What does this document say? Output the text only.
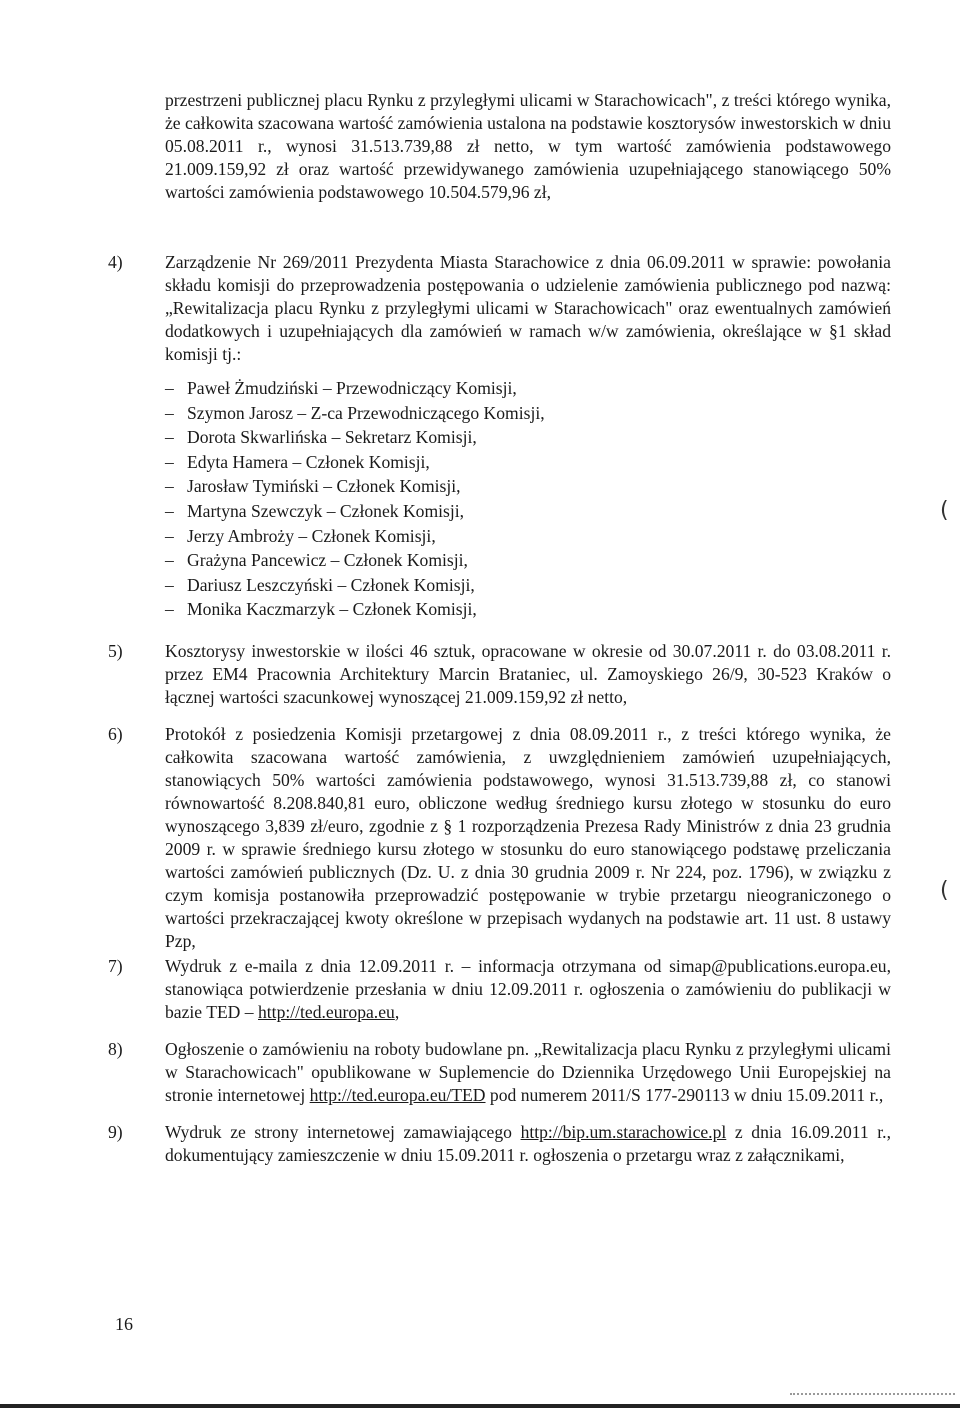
przestrzeni publicznej placu Rynku z przyległymi ulicami w Starachowicach", z treści którego wynika, że całkowita szacowana wartość zamówienia ustalona na podstawie kosztorysów inwestorskich w dniu 05.08.2011 r., wynosi 31.513.739,88 zł netto, w tym wartość zamówienia podstawowego 21.009.159,92 zł oraz wartość przewidywanego zamówienia uzupełniającego stanowiącego 50% wartości zamówienia podstawowego 10.504.579,96 zł,
4)	Zarządzenie Nr 269/2011 Prezydenta Miasta Starachowice z dnia 06.09.2011 w sprawie: powołania składu komisji do przeprowadzenia postępowania o udzielenie zamówienia publicznego pod nazwą: „Rewitalizacja placu Rynku z przyległymi ulicami w Starachowicach" oraz ewentualnych zamówień dodatkowych i uzupełniających dla zamówień w ramach w/w zamówienia, określające w §1 skład komisji tj.:
– Paweł Żmudziński – Przewodniczący Komisji,
– Szymon Jarosz – Z-ca Przewodniczącego Komisji,
– Dorota Skwarlińska – Sekretarz Komisji,
– Edyta Hamera – Członek Komisji,
– Jarosław Tymiński – Członek Komisji,
– Martyna Szewczyk – Członek Komisji,
– Jerzy Ambroży – Członek Komisji,
– Grażyna Pancewicz – Członek Komisji,
– Dariusz Leszczyński – Członek Komisji,
– Monika Kaczmarzyk – Członek Komisji,
5)	Kosztorysy inwestorskie w ilości 46 sztuk, opracowane w okresie od 30.07.2011 r. do 03.08.2011 r. przez EM4 Pracownia Architektury Marcin Brataniec, ul. Zamoyskiego 26/9, 30-523 Kraków o łącznej wartości szacunkowej wynoszącej 21.009.159,92 zł netto,
6)	Protokół z posiedzenia Komisji przetargowej z dnia 08.09.2011 r., z treści którego wynika, że całkowita szacowana wartość zamówienia, z uwzględnieniem zamówień uzupełniających, stanowiących 50% wartości zamówienia podstawowego, wynosi 31.513.739,88 zł, co stanowi równowartość 8.208.840,81 euro, obliczone według średniego kursu złotego w stosunku do euro wynoszącego 3,839 zł/euro, zgodnie z § 1 rozporządzenia Prezesa Rady Ministrów z dnia 23 grudnia 2009 r. w sprawie średniego kursu złotego w stosunku do euro stanowiącego podstawę przeliczania wartości zamówień publicznych (Dz. U. z dnia 30 grudnia 2009 r. Nr 224, poz. 1796), w związku z czym komisja postanowiła przeprowadzić postępowanie w trybie przetargu nieograniczonego o wartości przekraczającej kwoty określone w przepisach wydanych na podstawie art. 11 ust. 8 ustawy Pzp,
7)	Wydruk z e-maila z dnia 12.09.2011 r. – informacja otrzymana od simap@publications.europa.eu, stanowiąca potwierdzenie przesłania w dniu 12.09.2011 r. ogłoszenia o zamówieniu do publikacji w bazie TED – http://ted.europa.eu,
8)	Ogłoszenie o zamówieniu na roboty budowlane pn. „Rewitalizacja placu Rynku z przyległymi ulicami w Starachowicach" opublikowane w Suplemencie do Dziennika Urzędowego Unii Europejskiej na stronie internetowej http://ted.europa.eu/TED pod numerem 2011/S 177-290113 w dniu 15.09.2011 r.,
9)	Wydruk ze strony internetowej zamawiającego http://bip.um.starachowice.pl z dnia 16.09.2011 r., dokumentujący zamieszczenie w dniu 15.09.2011 r. ogłoszenia o przetargu wraz z załącznikami,
(
(
16
